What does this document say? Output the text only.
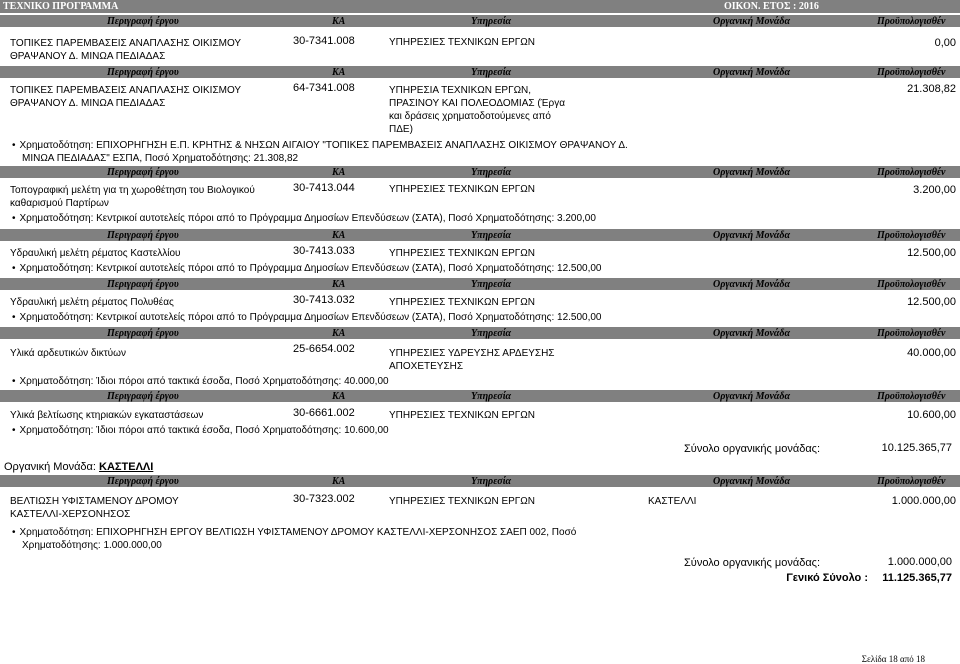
ΤΕΧΝΙΚΟ ΠΡΟΓΡΑΜΜΑ	ΟΙΚΟΝ. ΕΤΟΣ : 2016
Περιγραφή έργου	ΚΑ	Υπηρεσία	Οργανική Μονάδα	Προϋπολογισθέν
ΤΟΠΙΚΕΣ ΠΑΡΕΜΒΑΣΕΙΣ ΑΝΑΠΛΑΣΗΣ ΟΙΚΙΣΜΟΥ
ΘΡΑΨΑΝΟΥ Δ. ΜΙΝΩΑ ΠΕΔΙΑΔΑΣ
30-7341.008	ΥΠΗΡΕΣΙΕΣ ΤΕΧΝΙΚΩΝ ΕΡΓΩΝ	0,00
Περιγραφή έργου	ΚΑ	Υπηρεσία	Οργανική Μονάδα	Προϋπολογισθέν
ΤΟΠΙΚΕΣ ΠΑΡΕΜΒΑΣΕΙΣ ΑΝΑΠΛΑΣΗΣ ΟΙΚΙΣΜΟΥ
ΘΡΑΨΑΝΟΥ Δ. ΜΙΝΩΑ ΠΕΔΙΑΔΑΣ
64-7341.008	ΥΠΗΡΕΣΙΑ ΤΕΧΝΙΚΩΝ ΕΡΓΩΝ,
ΠΡΑΣΙΝΟΥ ΚΑΙ ΠΟΛΕΟΔΟΜΙΑΣ (Έργα
και δράσεις χρηματοδοτούμενες από
ΠΔΕ)
21.308,82
• Χρηματοδότηση: ΕΠΙΧΟΡΗΓΗΣΗ Ε.Π. ΚΡΗΤΗΣ & ΝΗΣΩΝ ΑΙΓΑΙΟΥ "ΤΟΠΙΚΕΣ ΠΑΡΕΜΒΑΣΕΙΣ ΑΝΑΠΛΑΣΗΣ ΟΙΚΙΣΜΟΥ ΘΡΑΨΑΝΟΥ Δ.
ΜΙΝΩΑ ΠΕΔΙΑΔΑΣ" ΕΣΠΑ, Ποσό Χρηματοδότησης: 21.308,82
Περιγραφή έργου	ΚΑ	Υπηρεσία	Οργανική Μονάδα	Προϋπολογισθέν
Τοπογραφική μελέτη για τη χωροθέτηση του Βιολογικού
καθαρισμού Παρτίρων
30-7413.044	ΥΠΗΡΕΣΙΕΣ ΤΕΧΝΙΚΩΝ ΕΡΓΩΝ	3.200,00
• Χρηματοδότηση: Κεντρικοί αυτοτελείς πόροι από το Πρόγραμμα Δημοσίων Επενδύσεων (ΣΑΤΑ), Ποσό Χρηματοδότησης: 3.200,00
Περιγραφή έργου	ΚΑ	Υπηρεσία	Οργανική Μονάδα	Προϋπολογισθέν
Υδραυλική μελέτη ρέματος Καστελλίου	30-7413.033	ΥΠΗΡΕΣΙΕΣ ΤΕΧΝΙΚΩΝ ΕΡΓΩΝ	12.500,00
• Χρηματοδότηση: Κεντρικοί αυτοτελείς πόροι από το Πρόγραμμα Δημοσίων Επενδύσεων (ΣΑΤΑ), Ποσό Χρηματοδότησης: 12.500,00
Περιγραφή έργου	ΚΑ	Υπηρεσία	Οργανική Μονάδα	Προϋπολογισθέν
Υδραυλική μελέτη ρέματος Πολυθέας	30-7413.032	ΥΠΗΡΕΣΙΕΣ ΤΕΧΝΙΚΩΝ ΕΡΓΩΝ	12.500,00
• Χρηματοδότηση: Κεντρικοί αυτοτελείς πόροι από το Πρόγραμμα Δημοσίων Επενδύσεων (ΣΑΤΑ), Ποσό Χρηματοδότησης: 12.500,00
Περιγραφή έργου	ΚΑ	Υπηρεσία	Οργανική Μονάδα	Προϋπολογισθέν
Υλικά αρδευτικών δικτύων	25-6654.002	ΥΠΗΡΕΣΙΕΣ ΥΔΡΕΥΣΗΣ ΑΡΔΕΥΣΗΣ
ΑΠΟΧΕΤΕΥΣΗΣ
40.000,00
• Χρηματοδότηση: Ίδιοι πόροι από τακτικά έσοδα, Ποσό Χρηματοδότησης: 40.000,00
Περιγραφή έργου	ΚΑ	Υπηρεσία	Οργανική Μονάδα	Προϋπολογισθέν
Υλικά βελτίωσης κτηριακών εγκαταστάσεων	30-6661.002	ΥΠΗΡΕΣΙΕΣ ΤΕΧΝΙΚΩΝ ΕΡΓΩΝ	10.600,00
• Χρηματοδότηση: Ίδιοι πόροι από τακτικά έσοδα, Ποσό Χρηματοδότησης: 10.600,00
Σύνολο οργανικής μονάδας:	10.125.365,77
Οργανική Μονάδα: ΚΑΣΤΕΛΛΙ
Περιγραφή έργου	ΚΑ	Υπηρεσία	Οργανική Μονάδα	Προϋπολογισθέν
ΒΕΛΤΙΩΣΗ ΥΦΙΣΤΑΜΕΝΟΥ ΔΡΟΜΟΥ
ΚΑΣΤΕΛΛΙ-ΧΕΡΣΟΝΗΣΟΣ
30-7323.002	ΥΠΗΡΕΣΙΕΣ ΤΕΧΝΙΚΩΝ ΕΡΓΩΝ	ΚΑΣΤΕΛΛΙ	1.000.000,00
• Χρηματοδότηση: ΕΠΙΧΟΡΗΓΗΣΗ ΕΡΓΟΥ ΒΕΛΤΙΩΣΗ ΥΦΙΣΤΑΜΕΝΟΥ ΔΡΟΜΟΥ ΚΑΣΤΕΛΛΙ-ΧΕΡΣΟΝΗΣΟΣ ΣΑΕΠ 002, Ποσό
Χρηματοδότησης: 1.000.000,00
Σύνολο οργανικής μονάδας:	1.000.000,00
Γενικό Σύνολο :	11.125.365,77
Σελίδα 18 από 18
